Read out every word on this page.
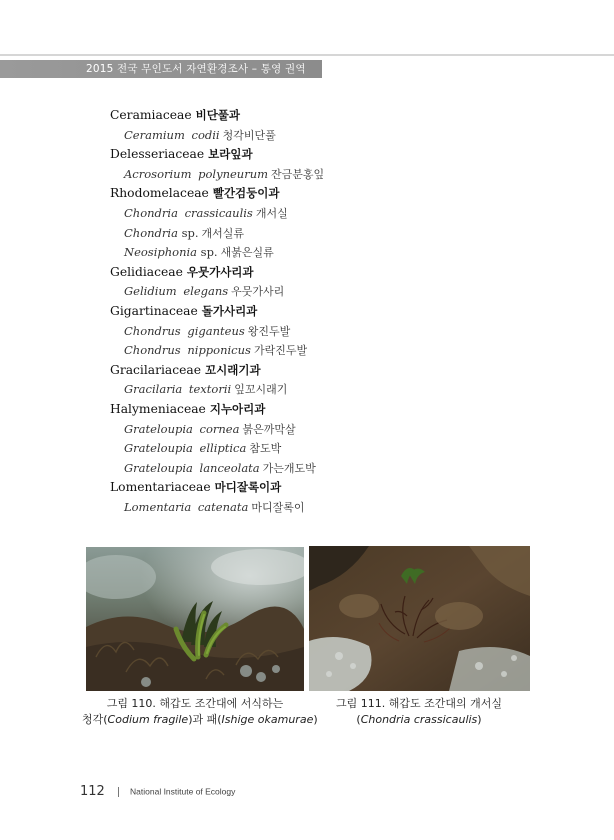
2015 전국 무인도서 자연환경조사 – 통영 권역
Ceramiaceae 비단풀과
Ceramium codii 청각비단풀
Delesseriaceae 보라잎과
Acrosorium polyneurum 잔금분홍잎
Rhodomelaceae 빨간검둥이과
Chondria crassicaulis 개서실
Chondria sp. 개서실류
Neosiphonia sp. 새붉은실류
Gelidiaceae 우뭇가사리과
Gelidium elegans 우뭇가사리
Gigartinaceae 돌가사리과
Chondrus giganteus 왕진두발
Chondrus nipponicus 가락진두발
Gracilariaceae 꼬시래기과
Gracilaria textorii 잎꼬시래기
Halymeniaceae 지누아리과
Grateloupia cornea 붉은까막살
Grateloupia elliptica 참도박
Grateloupia lanceolata 가는개도박
Lomentariaceae 마디잘록이과
Lomentaria catenata 마디잘록이
그림 110. 해갑도 조간대에 서식하는
청각(Codium fragile)과 패(Ishige okamurae)
그림 111. 해갑도 조간대의 개서실
(Chondria crassicaulis)
112	National Institute of Ecology
